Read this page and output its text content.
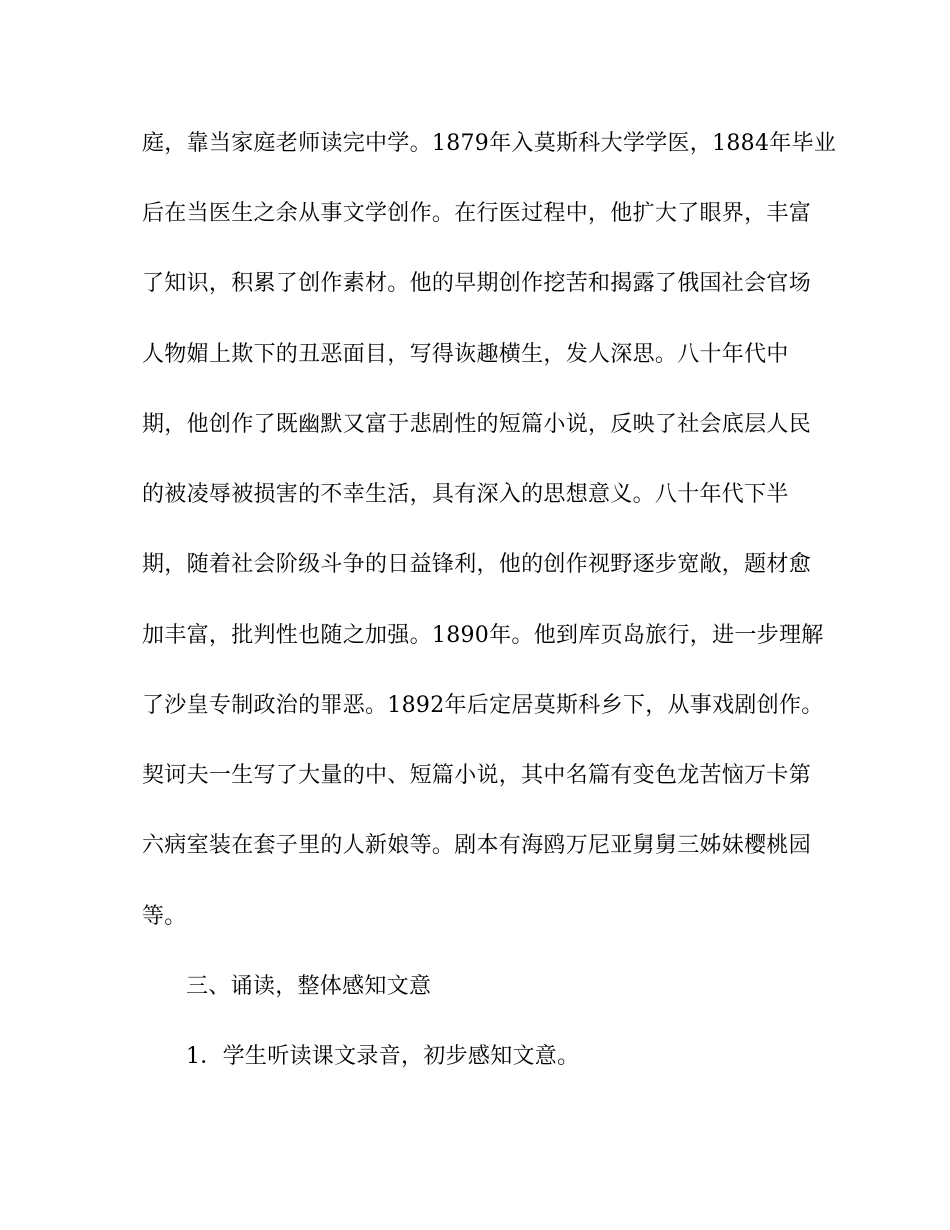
庭，靠当家庭老师读完中学。1879年入莫斯科大学学医，1884年毕业
后在当医生之余从事文学创作。在行医过程中，他扩大了眼界，丰富
了知识，积累了创作素材。他的早期创作挖苦和揭露了俄国社会官场
人物媚上欺下的丑恶面目，写得诙趣横生，发人深思。八十年代中
期，他创作了既幽默又富于悲剧性的短篇小说，反映了社会底层人民
的被凌辱被损害的不幸生活，具有深入的思想意义。八十年代下半
期，随着社会阶级斗争的日益锋利，他的创作视野逐步宽敞，题材愈
加丰富，批判性也随之加强。1890年。他到库页岛旅行，进一步理解
了沙皇专制政治的罪恶。1892年后定居莫斯科乡下，从事戏剧创作。
契诃夫一生写了大量的中、短篇小说，其中名篇有变色龙苦恼万卡第
六病室装在套子里的人新娘等。剧本有海鸥万尼亚舅舅三姊妹樱桃园
等。
三、诵读，整体感知文意
1．学生听读课文录音，初步感知文意。
